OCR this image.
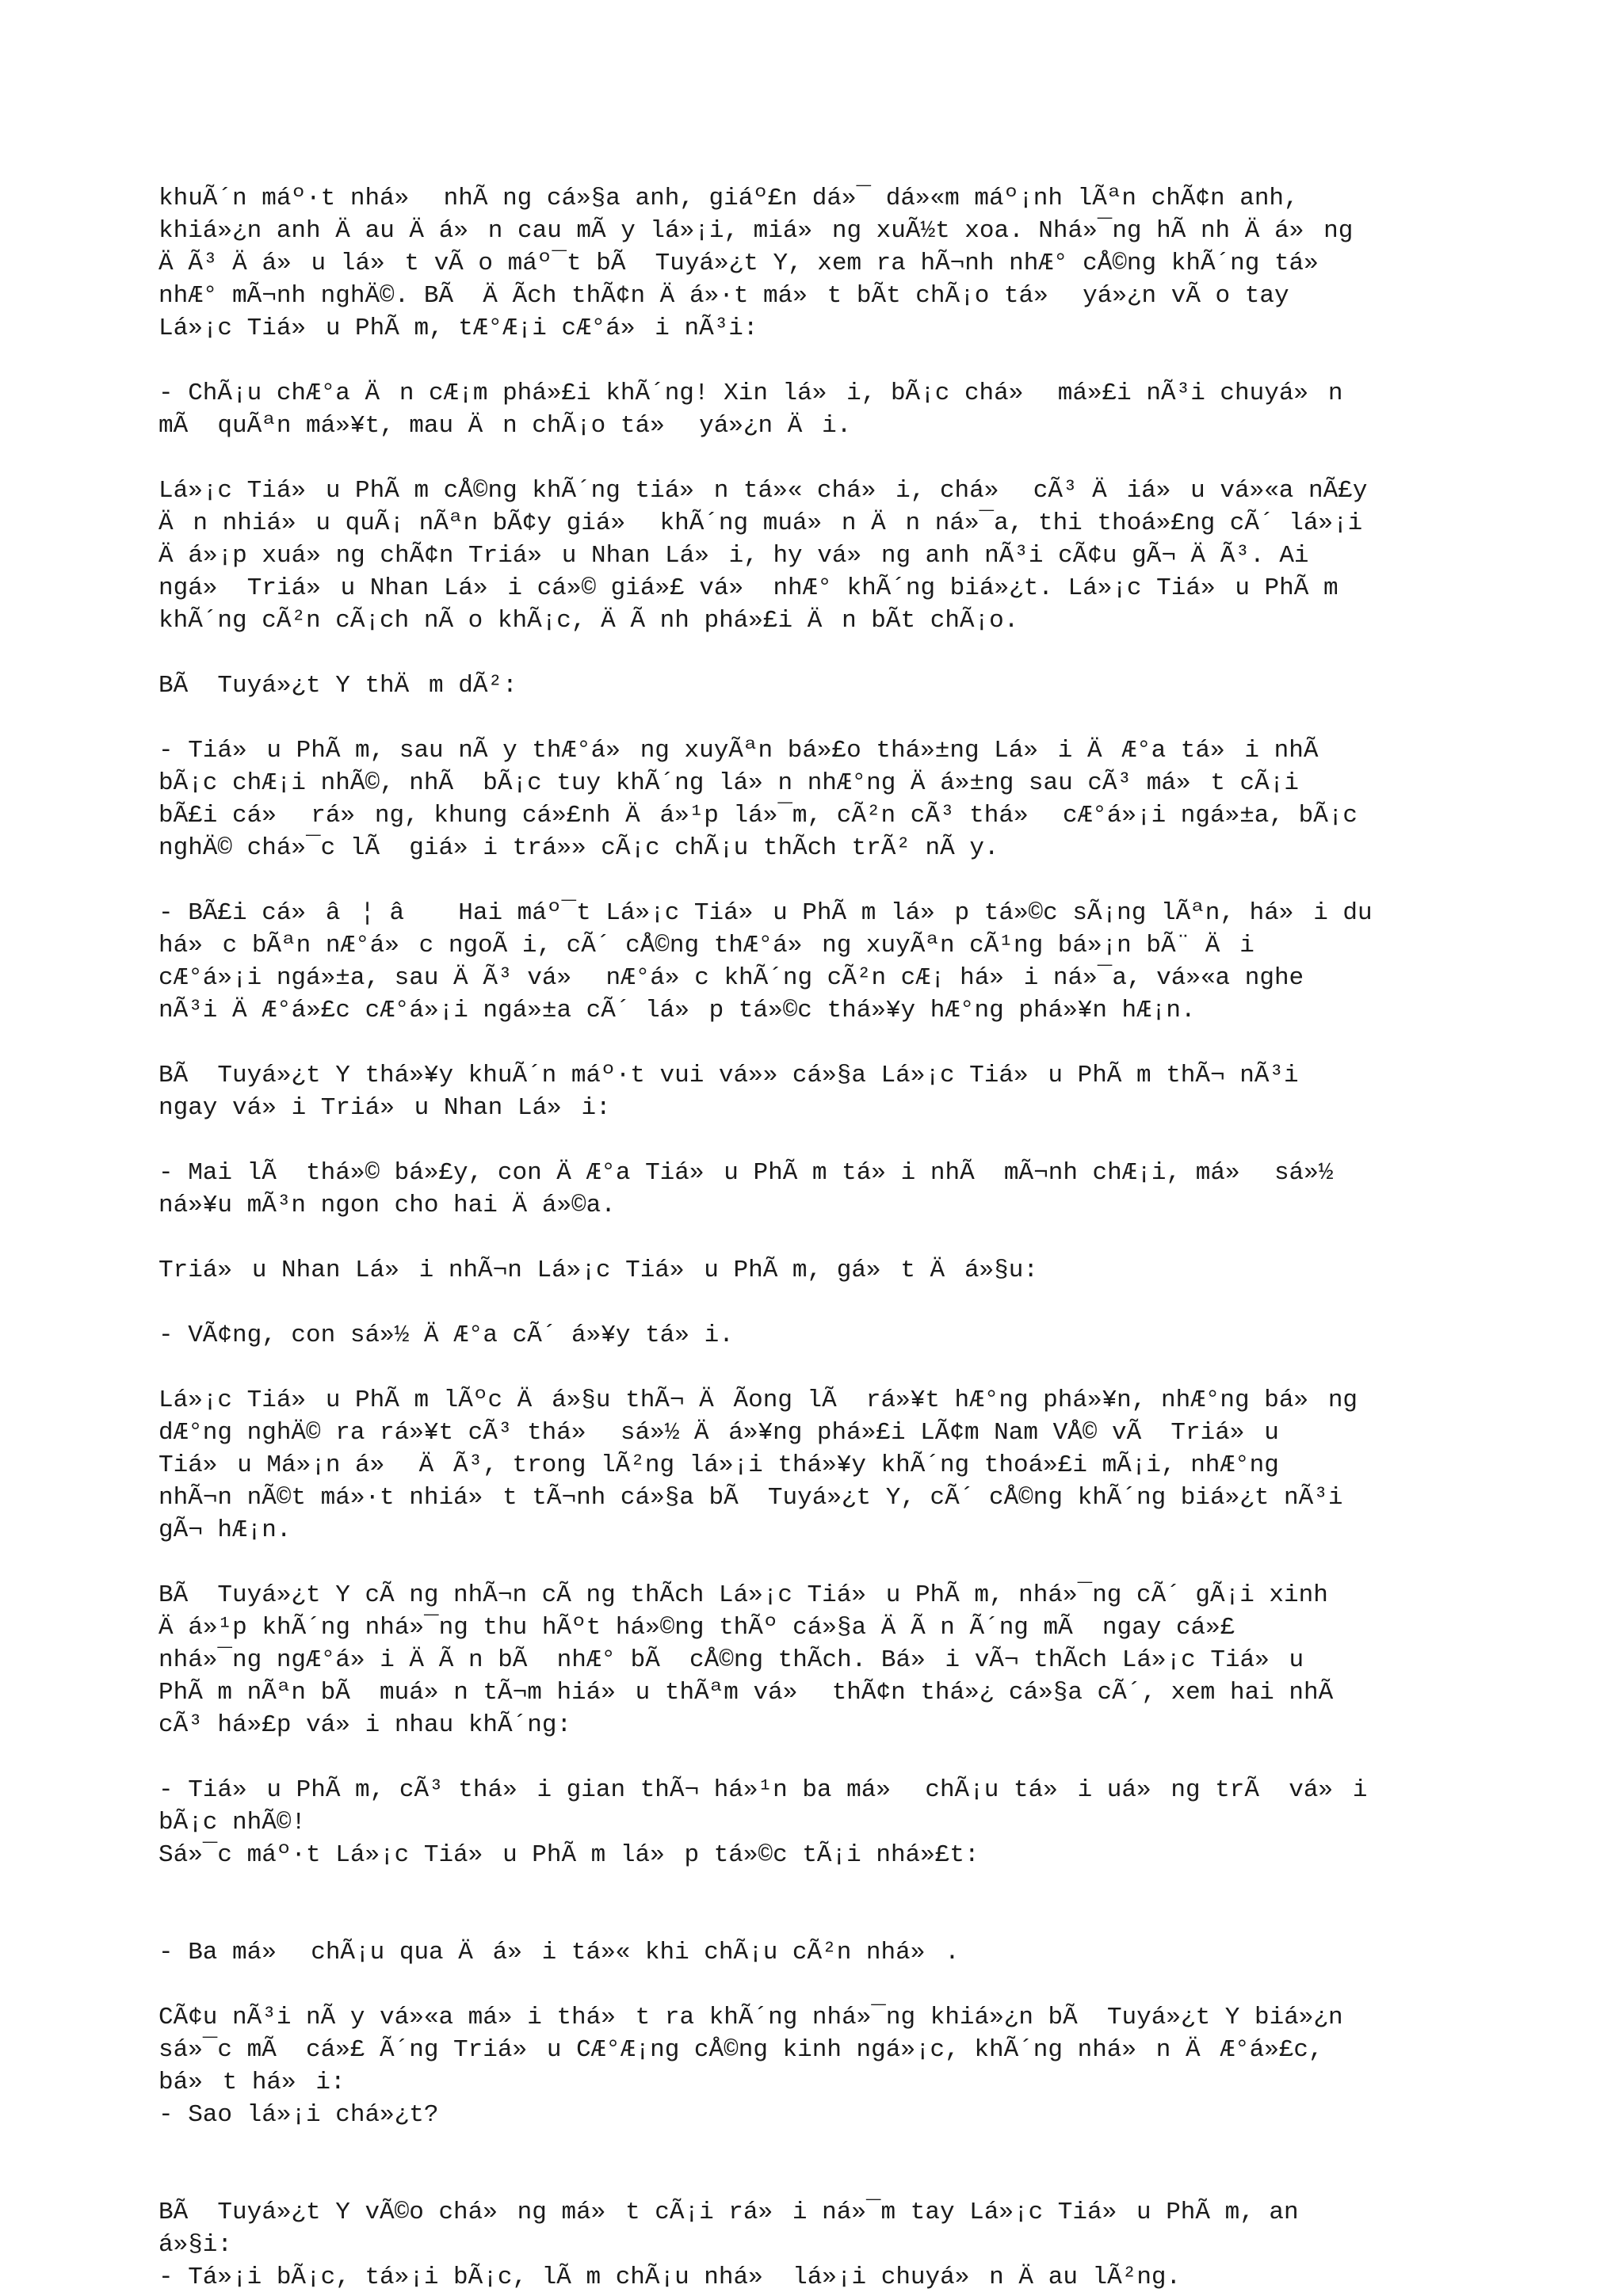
khuÃ´n máº·t nhá» nhÃ ng cá»§a anh, giáº£n dá»¯ dá»«m máº¡nh lÃªn chÃ¢n anh,
khiá»¿n anh Äau Äá»n cau mÃ y lá»¡i, miá»ng xuÃ½t xoa. Nhá»¯ng hÃ nh Äá»ng
ÄÃ³ Äá»u lá»t vÃ o máº¯t bÃ  Tuyá»¿t Y, xem ra hÃ¬nh nhÆ° cÅ©ng khÃ´ng tá»
nhÆ° mÃ¬nh nghÄ©. BÃ  ÄÃch thÃ¢n Äá»·t má»t bÃt chÃ¡o tá» yá»¿n vÃ o tay
Lá»¡c Tiá»u PhÃ m, tÆ°Æ¡i cÆ°á»i nÃ³i:
- ChÃ¡u chÆ°a Än cÆ¡m phá»£i khÃ´ng! Xin lá»i, bÃ¡c chá» má»£i nÃ³i chuyá»n
mÃ  quÃªn má»¥t, mau Än chÃ¡o tá» yá»¿n Äi.
Lá»¡c Tiá»u PhÃ m cÅ©ng khÃ´ng tiá»n tá»« chá»i, chá» cÃ³ Äiá»u vá»«a nÃ£y
Än nhiá»u quÃ¡ nÃªn bÃ¢y giá» khÃ´ng muá»n Än ná»¯a, thi thoá»£ng cÃ´ lá»¡i
Äá»¡p xuá»ng chÃ¢n Triá»u Nhan Lá»i, hy vá»ng anh nÃ³i cÃ¢u gÃ¬ ÄÃ³. Ai
ngá» Triá»u Nhan Lá»i cá»© giá»£ vá» nhÆ° khÃ´ng biá»¿t. Lá»¡c Tiá»u PhÃ m
khÃ´ng cÃ²n cÃ¡ch nÃ o khÃ¡c, ÄÃ nh phá»£i Än bÃt chÃ¡o.
BÃ  Tuyá»¿t Y thÄm dÃ²:
- Tiá»u PhÃ m, sau nÃ y thÆ°á»ng xuyÃªn bá»£o thá»±ng Lá»i ÄÆ°a tá»i nhÃ
bÃ¡c chÆ¡i nhÃ©, nhÃ  bÃ¡c tuy khÃ´ng lá»n nhÆ°ng Äá»±ng sau cÃ³ má»t cÃ¡i
bÃ£i cá» rá»ng, khung cá»£nh Äá»¹p lá»¯m, cÃ²n cÃ³ thá» cÆ°á»¡i ngá»±a, bÃ¡c
nghÄ© chá»¯c lÃ  giá»i trá»» cÃ¡c chÃ¡u thÃch trÃ² nÃ y.
- BÃ£i cá»â¦ â Hai máº¯t Lá»¡c Tiá»u PhÃ m lá»p tá»©c sÃ¡ng lÃªn, há»i du
há»c bÃªn nÆ°á»c ngoÃ i, cÃ´ cÅ©ng thÆ°á»ng xuyÃªn cÃ¹ng bá»¡n bÃ¨ Äi
cÆ°á»¡i ngá»±a, sau ÄÃ³ vá» nÆ°á»c khÃ´ng cÃ²n cÆ¡ há»i ná»¯a, vá»«a nghe
nÃ³i ÄÆ°á»£c cÆ°á»¡i ngá»±a cÃ´ lá»p tá»©c thá»¥y hÆ°ng phá»¥n hÆ¡n.
BÃ  Tuyá»¿t Y thá»¥y khuÃ´n máº·t vui vá»» cá»§a Lá»¡c Tiá»u PhÃ m thÃ¬ nÃ³i
ngay vá»i Triá»u Nhan Lá»i:
- Mai lÃ  thá»© bá»£y, con ÄÆ°a Tiá»u PhÃ m tá»i nhÃ  mÃ¬nh chÆ¡i, má» sá»½
ná»¥u mÃ³n ngon cho hai Äá»©a.
Triá»u Nhan Lá»i nhÃ¬n Lá»¡c Tiá»u PhÃ m, gá»t Äá»§u:
- VÃ¢ng, con sá»½ ÄÆ°a cÃ´ á»¥y tá»i.
Lá»¡c Tiá»u PhÃ m lÃºc Äá»§u thÃ¬ ÄÃong lÃ  rá»¥t hÆ°ng phá»¥n, nhÆ°ng bá»ng
dÆ°ng nghÄ© ra rá»¥t cÃ³ thá» sá»½ Äá»¥ng phá»£i LÃ¢m Nam VÅ© vÃ  Triá»u
Tiá»u Má»¡n á» ÄÃ³, trong lÃ²ng lá»¡i thá»¥y khÃ´ng thoá»£i mÃ¡i, nhÆ°ng
nhÃ¬n nÃ©t má»·t nhiá»t tÃ¬nh cá»§a bÃ  Tuyá»¿t Y, cÃ´ cÅ©ng khÃ´ng biá»¿t nÃ³i
gÃ¬ hÆ¡n.
BÃ  Tuyá»¿t Y cÃ ng nhÃ¬n cÃ ng thÃch Lá»¡c Tiá»u PhÃ m, nhá»¯ng cÃ´ gÃ¡i xinh
Äá»¹p khÃ´ng nhá»¯ng thu hÃºt há»©ng thÃº cá»§a ÄÃ n Ã´ng mÃ  ngay cá»£
nhá»¯ng ngÆ°á»i ÄÃ n bÃ  nhÆ° bÃ  cÅ©ng thÃch. Bá»i vÃ¬ thÃch Lá»¡c Tiá»u
PhÃ m nÃªn bÃ  muá»n tÃ¬m hiá»u thÃªm vá» thÃ¢n thá»¿ cá»§a cÃ´, xem hai nhÃ
cÃ³ há»£p vá»i nhau khÃ´ng:
- Tiá»u PhÃ m, cÃ³ thá»i gian thÃ¬ há»¹n ba má» chÃ¡u tá»i uá»ng trÃ  vá»i
bÃ¡c nhÃ©!
Sá»¯c máº·t Lá»¡c Tiá»u PhÃ m lá»p tá»©c tÃ¡i nhá»£t:

- Ba má» chÃ¡u qua Äá»i tá»« khi chÃ¡u cÃ²n nhá».
CÃ¢u nÃ³i nÃ y vá»«a má»i thá»t ra khÃ´ng nhá»¯ng khiá»¿n bÃ  Tuyá»¿t Y biá»¿n
sá»¯c mÃ  cá»£ Ã´ng Triá»u CÆ°Æ¡ng cÅ©ng kinh ngá»¡c, khÃ´ng nhá»n ÄÆ°á»£c,
bá»t há»i:
- Sao lá»¡i chá»¿t?

BÃ  Tuyá»¿t Y vÃ©o chá»ng má»t cÃ¡i rá»i ná»¯m tay Lá»¡c Tiá»u PhÃ m, an
á»§i:
- Tá»¡i bÃ¡c, tá»¡i bÃ¡c, lÃ m chÃ¡u nhá» lá»¡i chuyá»n Äau lÃ²ng.
